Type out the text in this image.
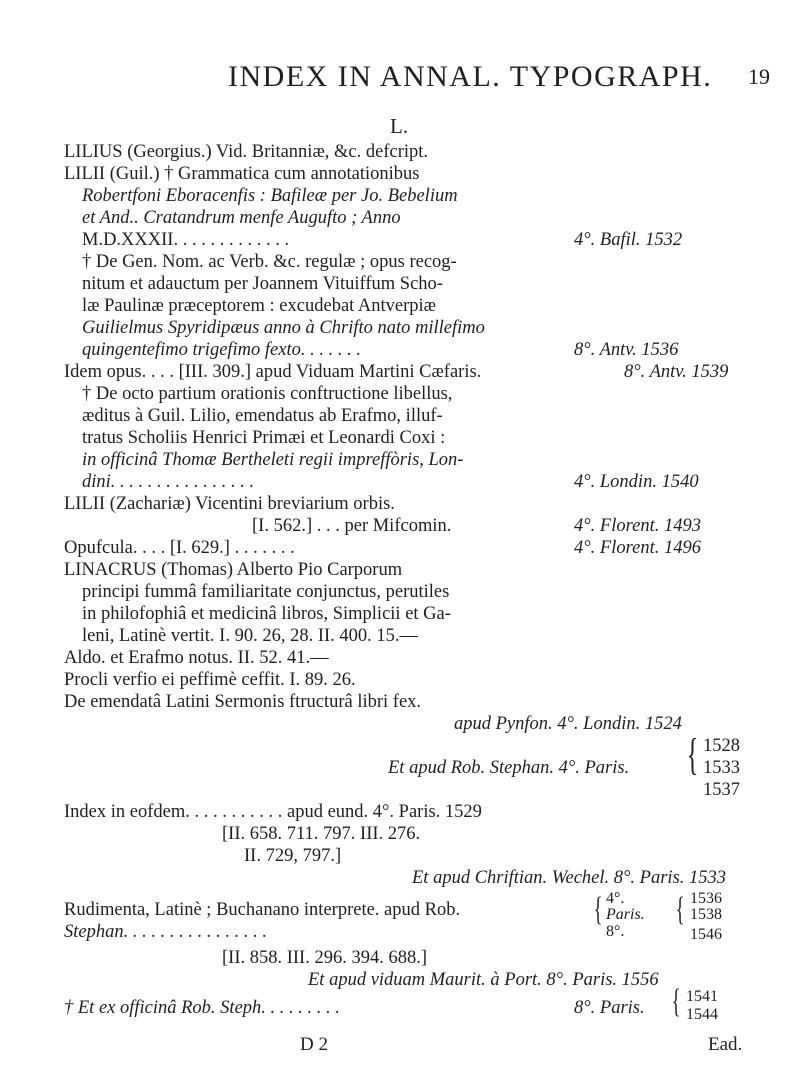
INDEX IN ANNAL. TYPOGRAPH. 19
L.
LILIUS (Georgius.) Vid. Britanniæ, &c. defcript.
LILII (Guil.) † Grammatica cum annotationibus
Robertfoni Eboracenfis : Bafileæ per Jo. Bebelium
et And.. Cratandrum menfe Augufto ; Anno
M.D.XXXII. . . . . . . . . . . . .	4°. Bafil. 1532
† De Gen. Nom. ac Verb. &c. regulæ ; opus recog-
nitum et adauctum per Joannem Vituiffum Scho-
læ Paulinæ præceptorem : excudebat Antverpiæ
Guilielmus Spyridipæus anno à Chrifto nato millefimo
quingentefimo trigefimo fexto. . . . . . .	8°. Antv. 1536
Idem opus. . . . [III. 309.] apud Viduam Martini Cæfaris.	8°. Antv. 1539
† De octo partium orationis conftructione libellus,
æditus à Guil. Lilio, emendatus ab Erafmo, illuf-
tratus Scholiis Henrici Primæi et Leonardi Coxi :
in officinâ Thomæ Bertheleti regii impreffòris, Lon-
dini. . . . . . . . . . . . . . . .	4°. Londin. 1540
LILII (Zachariæ) Vicentini breviarium orbis.
[I. 562.] . . . per Mifcomin.	4°. Florent. 1493
Opufcula. . . . [I. 629.] . . . . . . .	4°. Florent. 1496
LINACRUS (Thomas) Alberto Pio Carporum
principi fummâ familiaritate conjunctus, perutiles
in philofophiâ et medicinâ libros, Simplicii et Ga-
leni, Latinè vertit. I. 90. 26, 28. II. 400. 15.—
Aldo. et Erafmo notus. II. 52. 41.—
Procli verfio ei peffimè ceffit. I. 89. 26.
De emendatâ Latini Sermonis ftructurâ libri fex.
apud Pynfon. 4°. Londin. 1524
Et apud Rob. Stephan. 4°. Paris. { 1528
1533
1537
Index in eofdem. . . . . . . . . . . apud eund. 4°. Paris. 1529
[II. 658. 711. 797. III. 276.
II. 729, 797.]
Et apud Chriftian. Wechel. 8°. Paris. 1533
Rudimenta, Latinè ; Buchanano interprete. apud Rob.
Stephan. . . . . . . . . . . . . . . .
{ 4°.
Paris.
8°.
{ 1536
1538
1546
[II. 858. III. 296. 394. 688.]
Et apud viduam Maurit. à Port. 8°. Paris. 1556
† Et ex officinâ Rob. Steph. . . . . . . . .	8°. Paris. { 1541
1544
D 2	Ead.
